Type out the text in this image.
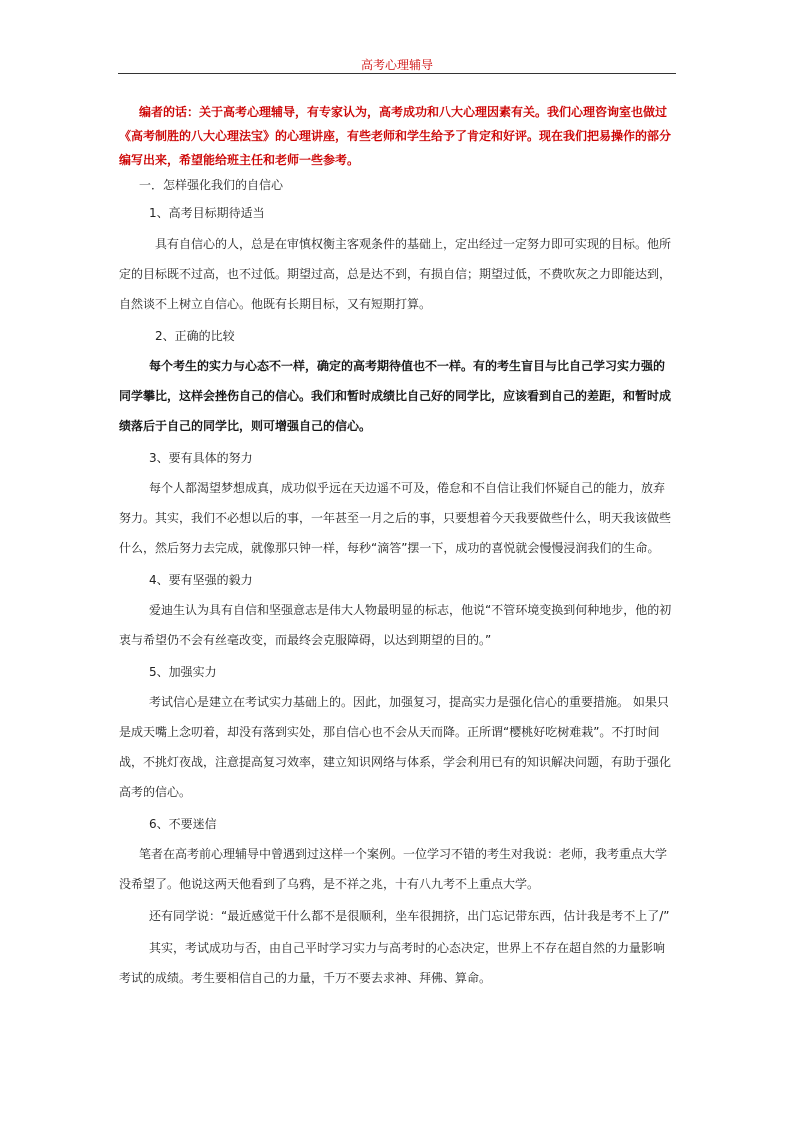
高考心理辅导

编者的话：关于高考心理辅导，有专家认为，高考成功和八大心理因素有关。我们心理咨询室也做过《高考制胜的八大心理法宝》的心理讲座，有些老师和学生给予了肯定和好评。现在我们把易操作的部分编写出来，希望能给班主任和老师一些参考。

一．怎样强化我们的自信心

1、高考目标期待适当

具有自信心的人，总是在审慎权衡主客观条件的基础上，定出经过一定努力即可实现的目标。他所定的目标既不过高，也不过低。期望过高，总是达不到，有损自信；期望过低，不费吹灰之力即能达到，自然谈不上树立自信心。他既有长期目标，又有短期打算。

2、正确的比较

每个考生的实力与心态不一样，确定的高考期待值也不一样。有的考生盲目与比自己学习实力强的同学攀比，这样会挫伤自己的信心。我们和暂时成绩比自己好的同学比，应该看到自己的差距，和暂时成绩落后于自己的同学比，则可增强自己的信心。

3、要有具体的努力

每个人都渴望梦想成真，成功似乎远在天边遥不可及，倦怠和不自信让我们怀疑自己的能力，放弃努力。其实，我们不必想以后的事，一年甚至一月之后的事，只要想着今天我要做些什么，明天我该做些什么，然后努力去完成，就像那只钟一样，每秒“滴答”摆一下，成功的喜悦就会慢慢浸润我们的生命。

4、要有坚强的毅力

爱迪生认为具有自信和坚强意志是伟大人物最明显的标志，他说“不管环境变换到何种地步，他的初衷与希望仍不会有丝毫改变，而最终会克服障碍，以达到期望的目的。”

5、加强实力

考试信心是建立在考试实力基础上的。因此，加强复习，提高实力是强化信心的重要措施。 如果只是成天嘴上念叨着，却没有落到实处，那自信心也不会从天而降。正所谓“樱桃好吃树难栽”。不打时间战，不挑灯夜战，注意提高复习效率，建立知识网络与体系，学会利用已有的知识解决问题，有助于强化高考的信心。

6、不要迷信

笔者在高考前心理辅导中曾遇到过这样一个案例。一位学习不错的考生对我说：老师，我考重点大学没希望了。他说这两天他看到了乌鸦，是不祥之兆，十有八九考不上重点大学。

还有同学说：“最近感觉干什么都不是很顺利，坐车很拥挤，出门忘记带东西，估计我是考不上了/”

其实，考试成功与否，由自己平时学习实力与高考时的心态决定，世界上不存在超自然的力量影响考试的成绩。考生要相信自己的力量，千万不要去求神、拜佛、算命。
